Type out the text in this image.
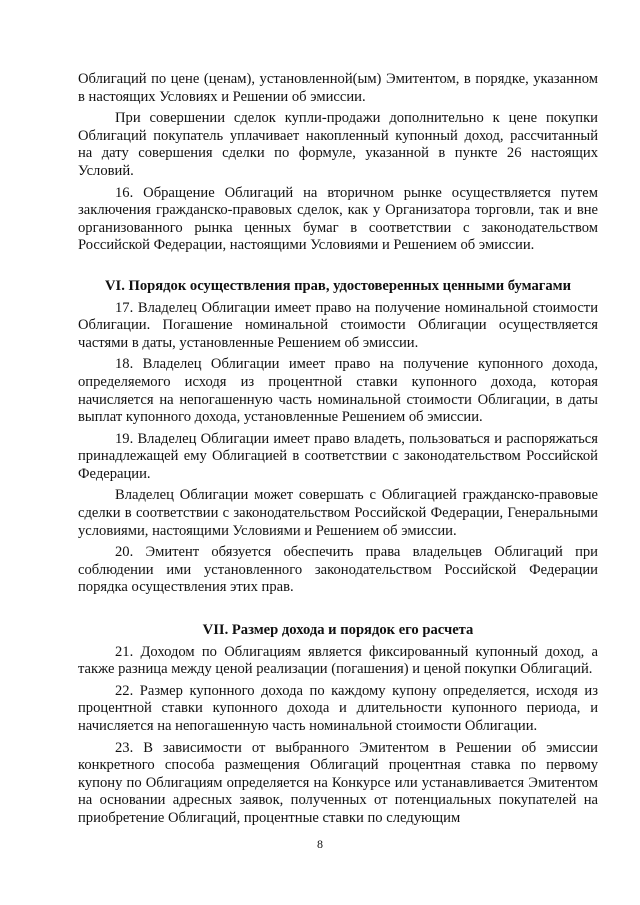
Облигаций по цене (ценам), установленной(ым) Эмитентом, в порядке, указанном в настоящих Условиях и Решении об эмиссии.

При совершении сделок купли-продажи дополнительно к цене покупки Облигаций покупатель уплачивает накопленный купонный доход, рассчитанный на дату совершения сделки по формуле, указанной в пункте 26 настоящих Условий.

16. Обращение Облигаций на вторичном рынке осуществляется путем заключения гражданско-правовых сделок, как у Организатора торговли, так и вне организованного рынка ценных бумаг в соответствии с законодательством Российской Федерации, настоящими Условиями и Решением об эмиссии.

VI. Порядок осуществления прав, удостоверенных ценными бумагами

17. Владелец Облигации имеет право на получение номинальной стоимости Облигации. Погашение номинальной стоимости Облигации осуществляется частями в даты, установленные Решением об эмиссии.

18. Владелец Облигации имеет право на получение купонного дохода, определяемого исходя из процентной ставки купонного дохода, которая начисляется на непогашенную часть номинальной стоимости Облигации, в даты выплат купонного дохода, установленные Решением об эмиссии.

19. Владелец Облигации имеет право владеть, пользоваться и распоряжаться принадлежащей ему Облигацией в соответствии с законодательством Российской Федерации.

Владелец Облигации может совершать с Облигацией гражданско-правовые сделки в соответствии с законодательством Российской Федерации, Генеральными условиями, настоящими Условиями и Решением об эмиссии.

20. Эмитент обязуется обеспечить права владельцев Облигаций при соблюдении ими установленного законодательством Российской Федерации порядка осуществления этих прав.

VII. Размер дохода и порядок его расчета

21. Доходом по Облигациям является фиксированный купонный доход, а также разница между ценой реализации (погашения) и ценой покупки Облигаций.

22. Размер купонного дохода по каждому купону определяется, исходя из процентной ставки купонного дохода и длительности купонного периода, и начисляется на непогашенную часть номинальной стоимости Облигации.

23. В зависимости от выбранного Эмитентом в Решении об эмиссии конкретного способа размещения Облигаций процентная ставка по первому купону по Облигациям определяется на Конкурсе или устанавливается Эмитентом на основании адресных заявок, полученных от потенциальных покупателей на приобретение Облигаций, процентные ставки по следующим

8
